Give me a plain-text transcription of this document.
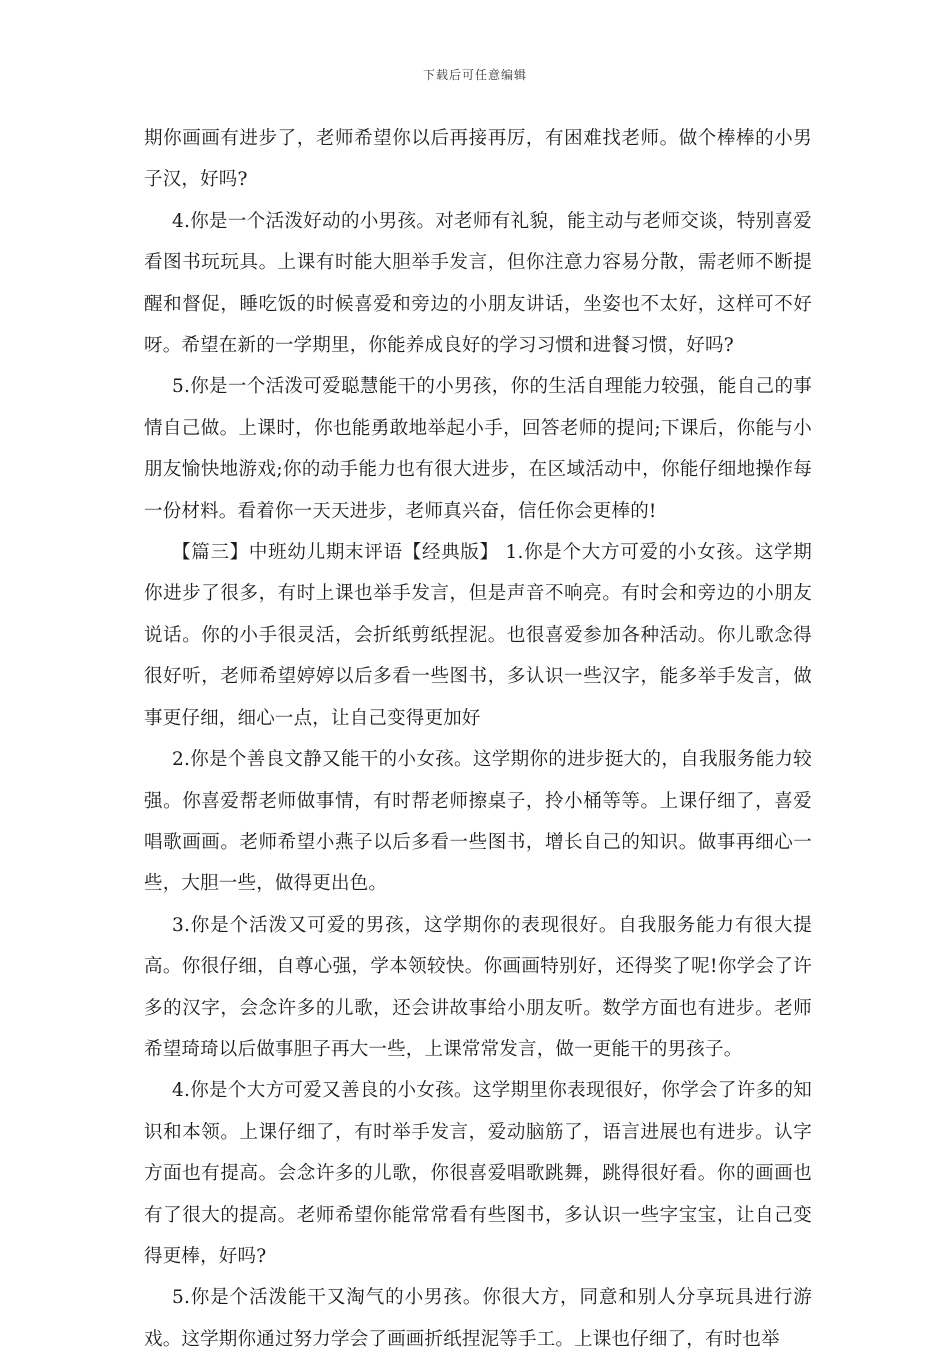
下载后可任意编辑

期你画画有进步了，老师希望你以后再接再厉，有困难找老师。做个棒棒的小男子汉，好吗?

4.你是一个活泼好动的小男孩。对老师有礼貌，能主动与老师交谈，特别喜爱看图书玩玩具。上课有时能大胆举手发言，但你注意力容易分散，需老师不断提醒和督促，睡吃饭的时候喜爱和旁边的小朋友讲话，坐姿也不太好，这样可不好呀。希望在新的一学期里，你能养成良好的学习习惯和进餐习惯，好吗?

5.你是一个活泼可爱聪慧能干的小男孩，你的生活自理能力较强，能自己的事情自己做。上课时，你也能勇敢地举起小手，回答老师的提问;下课后，你能与小朋友愉快地游戏;你的动手能力也有很大进步，在区域活动中，你能仔细地操作每一份材料。看着你一天天进步，老师真兴奋，信任你会更棒的!

【篇三】中班幼儿期末评语【经典版】 1.你是个大方可爱的小女孩。这学期你进步了很多，有时上课也举手发言，但是声音不响亮。有时会和旁边的小朋友说话。你的小手很灵活，会折纸剪纸捏泥。也很喜爱参加各种活动。你儿歌念得很好听，老师希望婷婷以后多看一些图书，多认识一些汉字，能多举手发言，做事更仔细，细心一点，让自己变得更加好

2.你是个善良文静又能干的小女孩。这学期你的进步挺大的，自我服务能力较强。你喜爱帮老师做事情，有时帮老师擦桌子，拎小桶等等。上课仔细了，喜爱唱歌画画。老师希望小燕子以后多看一些图书，增长自己的知识。做事再细心一些，大胆一些，做得更出色。

3.你是个活泼又可爱的男孩，这学期你的表现很好。自我服务能力有很大提高。你很仔细，自尊心强，学本领较快。你画画特别好，还得奖了呢!你学会了许多的汉字，会念许多的儿歌，还会讲故事给小朋友听。数学方面也有进步。老师希望琦琦以后做事胆子再大一些，上课常常发言，做一更能干的男孩子。

4.你是个大方可爱又善良的小女孩。这学期里你表现很好，你学会了许多的知识和本领。上课仔细了，有时举手发言，爱动脑筋了，语言进展也有进步。认字方面也有提高。会念许多的儿歌，你很喜爱唱歌跳舞，跳得很好看。你的画画也有了很大的提高。老师希望你能常常看有些图书，多认识一些字宝宝，让自己变得更棒，好吗?

5.你是个活泼能干又淘气的小男孩。你很大方，同意和别人分享玩具进行游戏。这学期你通过努力学会了画画折纸捏泥等手工。上课也仔细了，有时也举
